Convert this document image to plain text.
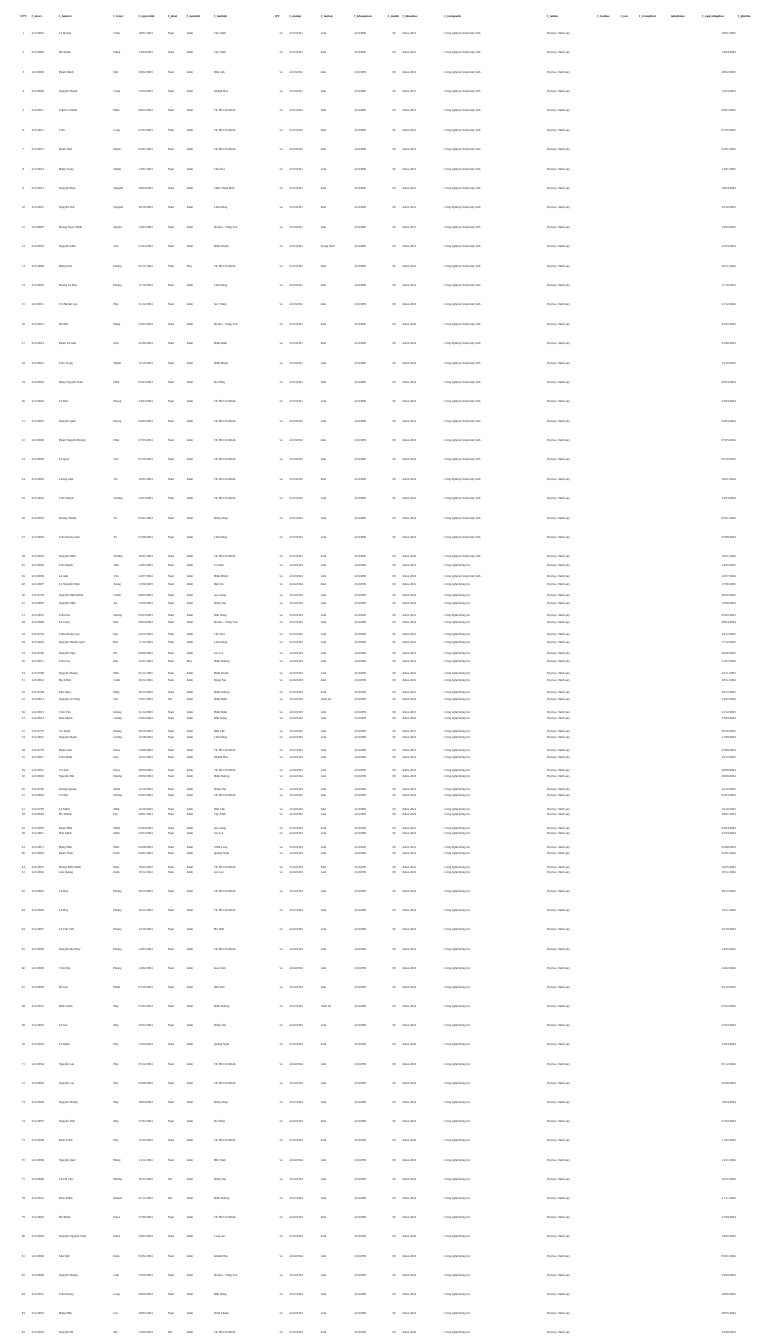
STT	f_masv	f_holotsv	f_tensv	f_ngaysinh	f_phai	f_noisinh	f_tentinh	QT	f_malop	f_tenlop	f_khoaquan	f_makh	f_khoahoc	f_tennganh	f_tenhe	f_lophoc	f_ten	f_trangthai	telephone	f_ngaynhaphoc	f_ghichu
1	22119801	Lê Hoàng	Châu	18/01/2003	Nam	Kinh	Tây Ninh	vn	22119CĐ1	Giỏi	22119PĐ	09	Khóa 2021	Công nghệ kỹ thuật máy tính	Đại học chính quy					18/01/2003	
2	22119802	Hồ Mạnh	Dũng	14/04/2003	Nam	Kinh	Tây Ninh	vn	22119CĐ1	Khá	22119PĐ	09	Khóa 2021	Công nghệ kỹ thuật máy tính	Đại học chính quy					14/04/2003	
3	22119803	Phạm Minh	Đức	28/02/2003	Nam	Kinh	Đắk Lắk	vn	22119CĐ1	Khá	22119PĐ	09	Khóa 2021	Công nghệ kỹ thuật máy tính	Đại học chính quy					28/02/2003	
4	22119804	Nguyễn Thành	Công	12/04/2003	Nam	Kinh	Khánh Hòa	vn	22119CĐ1	Khá	22119PĐ	09	Khóa 2021	Công nghệ kỹ thuật máy tính	Đại học chính quy					12/04/2003	
5	22119811	Trịnh Lê Minh	Hiếu	09/05/2003	Nam	Kinh	TP. Hồ Chí Minh	vn	22119CĐ2	Khá	22119PĐ	09	Khóa 2021	Công nghệ kỹ thuật máy tính	Đại học chính quy					09/05/2003	
6	22119812	Trần	Long	07/05/2003	Nam	Kinh	TP. Hồ Chí Minh	vn	22119CĐ2	Khá	22119PĐ	09	Khóa 2021	Công nghệ kỹ thuật máy tính	Đại học chính quy					07/05/2003	
7	22119813	Phạm Tiến	Mạnh	03/01/2003	Nam	Kinh	TP. Hồ Chí Minh	vn	22119CĐ2	Khá	22119PĐ	09	Khóa 2021	Công nghệ kỹ thuật máy tính	Đại học chính quy					03/01/2003	
8	22119814	Đặng Trọng	Nghĩa	13/01/2003	Nam	Kinh	Cần Thơ	vn	22119CĐ1	Giỏi	22119PĐ	09	Khóa 2021	Công nghệ kỹ thuật máy tính	Đại học chính quy					13/01/2003	
9	22119814	Nguyễn Phúc	Nguyên	18/04/2003	Nam	Kinh	Thừa Thiên Huế	vn	22119CĐ1	Khá	22119PĐ	09	Khóa 2021	Công nghệ kỹ thuật máy tính	Đại học chính quy					18/04/2003	
10	22119815	Nguyễn Thế	Nguyên	18/10/2003	Nam	Kinh	Lâm Đồng	vn	22119CĐ1	Khá	22119PĐ	09	Khóa 2021	Công nghệ kỹ thuật máy tính	Đại học chính quy					18/10/2003	
11	22140807	Hoàng Ngọc Minh	Quyền	14/05/2003	Nam	Kinh	Bà Rịa - Vũng Tàu	vn	22119CĐ1	Khá	22119PĐ	09	Khóa 2021	Công nghệ kỹ thuật máy tính	Đại học chính quy					14/05/2003	
12	22119853	Nguyễn Khắc	Sơn	27/03/2003	Nam	Kinh	Bình Thuận	vn	22119CĐ1	Trung bình	22119PĐ	09	Khóa 2021	Công nghệ kỹ thuật máy tính	Đại học chính quy					27/03/2003	
13	22119809	Đặng Kim	Khang	02/11/2004	Nam	Hoa	TP. Hồ Chí Minh	vn	22119CĐ1	Khá	22119PĐ	09	Khóa 2022	Công nghệ kỹ thuật máy tính	Đại học chính quy					02/11/2004	
14	22119810	Hoàng Lê Huy	Khang	17/10/2004	Nam	Kinh	Lâm Đồng	vn	22119CĐ1	Khá	22119PĐ	09	Khóa 2022	Công nghệ kỹ thuật máy tính	Đại học chính quy					17/10/2004	
15	22119811	Võ Huỳnh Gia	Huy	21/12/2004	Nam	Kinh	Sóc Trăng	vn	22119CĐ1	Khá	22119PĐ	09	Khóa 2022	Công nghệ kỹ thuật máy tính	Đại học chính quy					21/12/2004	
16	22119812	Đỗ Đức	Hùng	25/02/2004	Nam	Kinh	Bà Rịa - Vũng Tàu	vn	22119CĐ1	Khá	22119PĐ	09	Khóa 2022	Công nghệ kỹ thuật máy tính	Đại học chính quy					25/02/2004	
17	22119814	Phạm Lê Anh	Kiệt	21/06/2004	Nam	Kinh	Bình Định	vn	22119CĐ1	Khá	22119PĐ	09	Khóa 2022	Công nghệ kỹ thuật máy tính	Đại học chính quy					21/06/2004	
18	22119815	Trần Trọng	Nghĩa	12/10/2004	Nam	Kinh	Bình Phước	vn	22119CĐ1	Giỏi	22119PĐ	09	Khóa 2022	Công nghệ kỹ thuật máy tính	Đại học chính quy					12/10/2004	
19	22119822	Đặng Nguyễn Nam	Nhật	02/03/2004	Nam	Kinh	Đà Nẵng	vn	22119CĐ1	Khá	22119PĐ	09	Khóa 2022	Công nghệ kỹ thuật máy tính	Đại học chính quy					02/03/2004	
20	22119824	Lê Đức	Phong	24/03/2004	Nam	Kinh	TP. Hồ Chí Minh	vn	22119CĐ1	Giỏi	22119PĐ	09	Khóa 2022	Công nghệ kỹ thuật máy tính	Đại học chính quy					24/03/2004	
21	22119825	Nguyễn Quốc	Phong	04/03/2004	Nam	Kinh	TP. Hồ Chí Minh	vn	22119CĐ2	Giỏi	22119PĐ	09	Khóa 2022	Công nghệ kỹ thuật máy tính	Đại học chính quy					04/03/2004	
22	22119826	Phạm Nguyễn Hoàng	Phúc	07/05/2004	Nam	Kinh	TP. Hồ Chí Minh	vn	22119CĐ2	Khá	22119PĐ	09	Khóa 2022	Công nghệ kỹ thuật máy tính	Đại học chính quy					07/05/2004	
23	22119828	Lê Quốc	Sơn	05/10/2004	Nam	Kinh	TP. Hồ Chí Minh	vn	22119CĐ2	Khá	22119PĐ	09	Khóa 2022	Công nghệ kỹ thuật máy tính	Đại học chính quy					05/10/2004	
24	22119829	Lương Anh	Tài	10/01/2004	Nam	Kinh	TP. Hồ Chí Minh	vn	22119CĐ2	Khá	22119PĐ	09	Khóa 2022	Công nghệ kỹ thuật máy tính	Đại học chính quy					10/01/2004	
25	22119832	Trần Thanh	Trường	23/03/2004	Nam	Kinh	TP. Hồ Chí Minh	vn	22119CĐ2	Giỏi	22119PĐ	09	Khóa 2022	Công nghệ kỹ thuật máy tính	Đại học chính quy					23/03/2004	
26	22119833	Dương Thanh	Tú	02/01/2004	Nam	Kinh	Đồng Tháp	vn	22119CĐ2	Giỏi	22119PĐ	09	Khóa 2022	Công nghệ kỹ thuật máy tính	Đại học chính quy					02/01/2004	
27	22119834	Trần Hoàng Anh	Tú	07/08/2004	Nam	Kinh	Lâm Đồng	vn	22119CĐ2	Giỏi	22119PĐ	09	Khóa 2022	Công nghệ kỹ thuật máy tính	Đại học chính quy					07/08/2004	
28	22119835	Nguyễn Đình	Trường	16/01/2004	Nam	Kinh	TP. Hồ Chí Minh	vn	22119CĐ1	Giỏi	22119PĐ	09	Khóa 2022	Công nghệ kỹ thuật máy tính	Đại học chính quy					16/01/2004	
29	22119836	Lê Anh	Văn	22/07/2004	Nam	Kinh	Bình Phước	vn	22119CĐ2	Giỏi	22119PĐ	09	Khóa 2022	Công nghệ kỹ thuật máy tính	Đại học chính quy					22/07/2004	
30	22110756	Nguyễn Đình Minh	Chiến	08/02/2004	Nam	Kinh	An Giang	vn	22110CĐ3	Giỏi	22110PĐ	09	Khóa 2022	Công nghệ thông tin	Đại học chính quy					08/02/2004	
31	22110851	Trần Đại	Dương	05/05/2003	Nam	Kinh	Đắk Nông	vn	22110CĐ3	Giỏi	22110PĐ	09	Khóa 2021	Công nghệ thông tin	Đại học chính quy					05/05/2003	
32	22110763	Châu Hoàng Gia	Đạt	24/12/2003	Nam	Kinh	Cần Thơ	vn	22110CĐ2	Giỏi	22110PĐ	09	Khóa 2021	Công nghệ thông tin	Đại học chính quy					24/12/2003	
33	22110766	Nguyễn Ngọc	Hà	09/06/2003	Nam	Kinh	Gia Lai	vn	22110CĐ3	Giỏi	22110PĐ	09	Khóa 2021	Công nghệ thông tin	Đại học chính quy					09/06/2003	
34	22110768	Nguyễn Hoàng	Hân	02/11/2003	Nam	Kinh	Bình Thuận	vn	22110CĐ3	Giỏi	22110PĐ	09	Khóa 2021	Công nghệ thông tin	Đại học chính quy					02/11/2003	
35	22110769	Mai Ngọc	Hiệp	28/12/2003	Nam	Kinh	Bình Dương	vn	22110CĐ3	Giỏi	22110PĐ	09	Khóa 2021	Công nghệ thông tin	Đại học chính quy					28/12/2003	
36	22110815	Trần Văn	Khang	21/12/2003	Nam	Kinh	Bình Định	vn	22110CĐ3	Giỏi	22110PĐ	09	Khóa 2021	Công nghệ thông tin	Đại học chính quy					21/12/2003	
37	22110779	Võ Xuân	Khang	28/10/2003	Nam	Kinh	Đắk Lắk	vn	22110CĐ2	Giỏi	22110PĐ	09	Khóa 2021	Công nghệ thông tin	Đại học chính quy					28/10/2003	
38	22110770	Phạm Anh	Khoa	23/08/2003	Nam	Kinh	TP. Hồ Chí Minh	vn	22110CĐ2	Giỏi	22110PĐ	09	Khóa 2021	Công nghệ thông tin	Đại học chính quy					23/08/2003	
39	22110841	Võ Anh	Khoa	28/09/2003	Nam	Kinh	TP. Hồ Chí Minh	vn	22110CĐ3	Giỏi	22110PĐ	09	Khóa 2021	Công nghệ thông tin	Đại học chính quy					28/09/2003	
40	22110782	Dương Quang	Minh	22/10/2003	Nam	Kinh	Đồng Nai	vn	22110CĐ3	Giỏi	22110PĐ	09	Khóa 2021	Công nghệ thông tin	Đại học chính quy					22/10/2003	
41	22110783	Lê Minh	Nhật	19/10/2003	Nam	Kinh	Đắk Lắk	vn	22110CĐ3	Khá	22110PĐ	09	Khóa 2021	Công nghệ thông tin	Đại học chính quy					19/10/2003	
42	22110870	Phạm Hữu	Nhân	03/04/2003	Nam	Kinh	An Giang	vn	22110CĐ3	Giỏi	22110PĐ	09	Khóa 2021	Công nghệ thông tin	Đại học chính quy					03/04/2003	
43	22110871	Đặng Hữu	Phúc	02/08/2003	Nam	Kinh	Vĩnh Long	vn	22110CĐ3	Giỏi	22110PĐ	09	Khóa 2021	Công nghệ thông tin	Đại học chính quy					02/08/2003	
44	22110872	Hoàng Hữu Minh	Phúc	16/05/2003	Nam	Kinh	TP. Hồ Chí Minh	vn	22110CĐ4	Khá	22110PĐ	09	Khóa 2021	Công nghệ thông tin	Đại học chính quy					16/05/2003	
45	22110803	Trần Mạnh	Tiến	14/05/2003	Nam	Kinh	Cà Mau	vn	22110CĐ3	Giỏi	22110PĐ	09	Khóa 2021	Công nghệ thông tin	Đại học chính quy					14/05/2003	
46	22110807	Lý Nguyễn Nhật	Trung	17/06/2003	Nam	Kinh	Bến Tre	vn	22110CĐ4	Khá	22110PĐ	09	Khóa 2021	Công nghệ thông tin	Đại học chính quy					17/06/2003	
47	22110807	Nguyễn Nhật	An	12/09/2004	Nam	Kinh	Đồng Nai	vn	22110CĐ3	Giỏi	22110PĐ	09	Khóa 2022	Công nghệ thông tin	Đại học chính quy					12/09/2004	
48	22110809	Lê Công	Bảo	28/04/2004	Nam	Kinh	Bà Rịa - Vũng Tàu	vn	22110CĐ3	Giỏi	22110PĐ	09	Khóa 2022	Công nghệ thông tin	Đại học chính quy					28/04/2004	
49	22110810	Nguyễn Huỳnh Quốc	Bảo	17/12/2004	Nam	Kinh	Lâm Đồng	vn	22110CĐ4	Giỏi	22110PĐ	09	Khóa 2022	Công nghệ thông tin	Đại học chính quy					17/12/2004	
50	22110811	Trần Gia	Bảo	21/07/2004	Nam	Hoa	Bình Dương	vn	22110CĐ3	Giỏi	22110PĐ	09	Khóa 2022	Công nghệ thông tin	Đại học chính quy					21/07/2004	
51	22110812	Bạch Đức	Cảnh	28/11/2004	Nam	Kinh	Đồng Nai	vn	22110CĐ3	Khá	22110PĐ	09	Khóa 2022	Công nghệ thông tin	Đại học chính quy					28/11/2004	
52	22110813	Nguyễn Lê Tùng	Chi	23/07/2004	Nữ	Kinh	Bình Định	vn	22110CĐ3	Xuất sắc	22110PĐ	09	Khóa 2022	Công nghệ thông tin	Đại học chính quy					23/07/2004	
53	22110814	Kim Mạnh	Cường	23/03/2004	Nam	Kinh	Đắk Nông	vn	22110CĐ2	Giỏi	22110PĐ	09	Khóa 2022	Công nghệ thông tin	Đại học chính quy					23/03/2004	
54	22110815	Nguyễn Mạnh	Cường	11/08/2004	Nam	Kinh	Lâm Đồng	vn	22110CĐ2	Giỏi	22110PĐ	09	Khóa 2022	Công nghệ thông tin	Đại học chính quy					11/08/2004	
55	22110817	Trần Minh	Duy	19/12/2004	Nam	Kinh	Khánh Hòa	vn	22110CĐ4	Giỏi	22110PĐ	09	Khóa 2022	Công nghệ thông tin	Đại học chính quy					19/12/2004	
56	22110818	Nguyễn Hải	Dương	09/09/2004	Nam	Kinh	Bình Dương	vn	22110CĐ4	Giỏi	22110PĐ	09	Khóa 2022	Công nghệ thông tin	Đại học chính quy					09/09/2004	
57	22110819	Võ Đại	Dương	02/03/2004	Nam	Kinh	TP. Hồ Chí Minh	vn	22110CĐ2	Khá	22110PĐ	09	Khóa 2022	Công nghệ thông tin	Đại học chính quy					02/03/2004	
58	22110820	Hồ Thành	Đạt	28/01/2004	Nam	Kinh	Tây Ninh	vn	22110CĐ2	Giỏi	22110PĐ	09	Khóa 2022	Công nghệ thông tin	Đại học chính quy					28/01/2004	
59	22110821	Hàn Minh	Đình	22/03/2004	Nam	Kinh	Gia Lai	vn	22110CĐ4	Giỏi	22110PĐ	09	Khóa 2022	Công nghệ thông tin	Đại học chính quy					22/03/2004	
60	22110822	Phạm Nam	Kiên	02/01/2004	Nam	Kinh	Quảng Ngãi	vn	22110CĐ3	Giỏi	22110PĐ	09	Khóa 2022	Công nghệ thông tin	Đại học chính quy					02/01/2004	
61	22110824	Lưu Quang	Kiên	18/11/2004	Nam	Kinh	Gia Lai	vn	22110CĐ3	Giỏi	22110PĐ	09	Khóa 2022	Công nghệ thông tin	Đại học chính quy					18/11/2004	
62	22110825	Lê Huy	Hoàng	28/12/2004	Nam	Kinh	TP. Hồ Chí Minh	vn	22110CĐ4	Giỏi	22110PĐ	09	Khóa 2022	Công nghệ thông tin	Đại học chính quy					28/12/2004	
63	22110826	Lê Huy	Hoàng	19/11/2004	Nam	Kinh	TP. Hồ Chí Minh	vn	22110CĐ4	Giỏi	22110PĐ	09	Khóa 2022	Công nghệ thông tin	Đại học chính quy					19/11/2004	
64	22110827	Lê Văn Việt	Hoàng	19/10/2004	Nam	Kinh	Hà Tĩnh	vn	22110CĐ2	Giỏi	22110PĐ	09	Khóa 2022	Công nghệ thông tin	Đại học chính quy					19/10/2004	
65	22110828	Nguyễn Mai Huy	Hoàng	14/05/2004	Nam	Kinh	TP. Hồ Chí Minh	vn	22110CĐ4	Giỏi	22110PĐ	09	Khóa 2022	Công nghệ thông tin	Đại học chính quy					14/05/2004	
66	22110829	Trần Huy	Hoàng	14/02/2004	Nam	Kinh	Kon Tum	vn	22110CĐ2	Giỏi	22110PĐ	09	Khóa 2022	Công nghệ thông tin	Đại học chính quy					14/02/2004	
67	22110830	Đỗ Gia	Huấn	03/10/2004	Nam	Kinh	Phú Yên	vn	22110CĐ4	Khá	22110PĐ	09	Khóa 2022	Công nghệ thông tin	Đại học chính quy					03/10/2004	
68	22110831	Điền Xuân	Huy	07/02/2004	Nam	Kinh	Bình Dương	vn	22110CĐ3	Xuất sắc	22110PĐ	09	Khóa 2022	Công nghệ thông tin	Đại học chính quy					07/02/2004	
69	22110832	Lê Gia	Huy	25/02/2004	Nam	Kinh	Đồng Nai	vn	22110CĐ2	Giỏi	22110PĐ	09	Khóa 2022	Công nghệ thông tin	Đại học chính quy					25/02/2004	
70	22110833	Lê Minh	Huy	12/04/2004	Nam	Kinh	Quảng Ngãi	vn	22110CĐ3	Giỏi	22110PĐ	09	Khóa 2022	Công nghệ thông tin	Đại học chính quy					12/04/2004	
71	22110834	Nguyễn Gia	Huy	05/12/2004	Nam	Kinh	TP. Hồ Chí Minh	vn	22110CĐ4	Giỏi	22110PĐ	09	Khóa 2022	Công nghệ thông tin	Đại học chính quy					05/12/2004	
72	22110835	Nguyễn Gia	Huy	02/08/2004	Nam	Kinh	TP. Hồ Chí Minh	vn	22110CĐ3	Giỏi	22110PĐ	09	Khóa 2022	Công nghệ thông tin	Đại học chính quy					02/08/2004	
73	22110836	Nguyễn Hoàng	Huy	18/04/2004	Nam	Kinh	Đồng Tháp	vn	22110CĐ4	Giỏi	22110PĐ	09	Khóa 2022	Công nghệ thông tin	Đại học chính quy					18/04/2004	
74	22110837	Nguyễn Tiến	Huy	27/02/2004	Nam	Kinh	Đà Nẵng	vn	22110CĐ3	Khá	22110PĐ	09	Khóa 2022	Công nghệ thông tin	Đại học chính quy					27/02/2004	
75	22110838	Phan Triều	Huy	11/02/2004	Nam	Kinh	TP. Hồ Chí Minh	vn	22110CĐ4	Giỏi	22110PĐ	09	Khóa 2022	Công nghệ thông tin	Đại học chính quy					11/02/2004	
76	22110839	Nguyễn Quốc	Hưng	14/11/2004	Nam	Kinh	Bắc Ninh	vn	22110CĐ4	Giỏi	22110PĐ	09	Khóa 2022	Công nghệ thông tin	Đại học chính quy					14/11/2004	
77	22110840	Lê Thị Thu	Hương	18/11/2004	Nữ	Kinh	Đồng Nai	vn	22110CĐ4	Giỏi	22110PĐ	09	Khóa 2022	Công nghệ thông tin	Đại học chính quy					18/11/2004	
78	22110841	Phan Minh	Khánh	21/11/2004	Nữ	Kinh	Bình Dương	vn	22110CĐ4	Giỏi	22110PĐ	09	Khóa 2022	Công nghệ thông tin	Đại học chính quy					21/11/2004	
79	22110843	Đỗ Minh	Khoa	27/09/2004	Nam	Kinh	TP. Hồ Chí Minh	vn	22110CĐ3	Khá	22110PĐ	09	Khóa 2022	Công nghệ thông tin	Đại học chính quy					27/09/2004	
80	22110844	Nguyễn Nguyễn Tuấn	Khoa	19/02/2004	Nam	Kinh	Long An	vn	22110CĐ3	Giỏi	22110PĐ	09	Khóa 2022	Công nghệ thông tin	Đại học chính quy					19/02/2004	
81	22110846	Mai Đức	Kiên	05/01/2004	Nam	Kinh	Khánh Hòa	vn	22110CĐ4	Giỏi	22110PĐ	09	Khóa 2022	Công nghệ thông tin	Đại học chính quy					05/01/2004	
82	22110848	Nguyễn Hoàng	Lâm	23/09/2004	Nam	Kinh	Bà Rịa - Vũng Tàu	vn	22110CĐ4	Giỏi	22110PĐ	09	Khóa 2022	Công nghệ thông tin	Đại học chính quy					23/09/2004	
83	22110851	Trần Hoàng	Long	29/06/2004	Nam	Kinh	Đắk Nông	vn	22110CĐ4	Giỏi	22110PĐ	09	Khóa 2022	Công nghệ thông tin	Đại học chính quy					29/06/2004	
84	22110852	Đặng Hữu	Lộc	28/05/2004	Nam	Kinh	Ninh Thuận	vn	22110CĐ4	Giỏi	22110PĐ	09	Khóa 2022	Công nghệ thông tin	Đại học chính quy					28/05/2004	
85	22110853	Nguyễn Hà	My	23/09/2004	Nữ	Kinh	TP. Hồ Chí Minh	vn	22110CĐ4	Giỏi	22110PĐ	09	Khóa 2022	Công nghệ thông tin	Đại học chính quy					23/09/2004	
